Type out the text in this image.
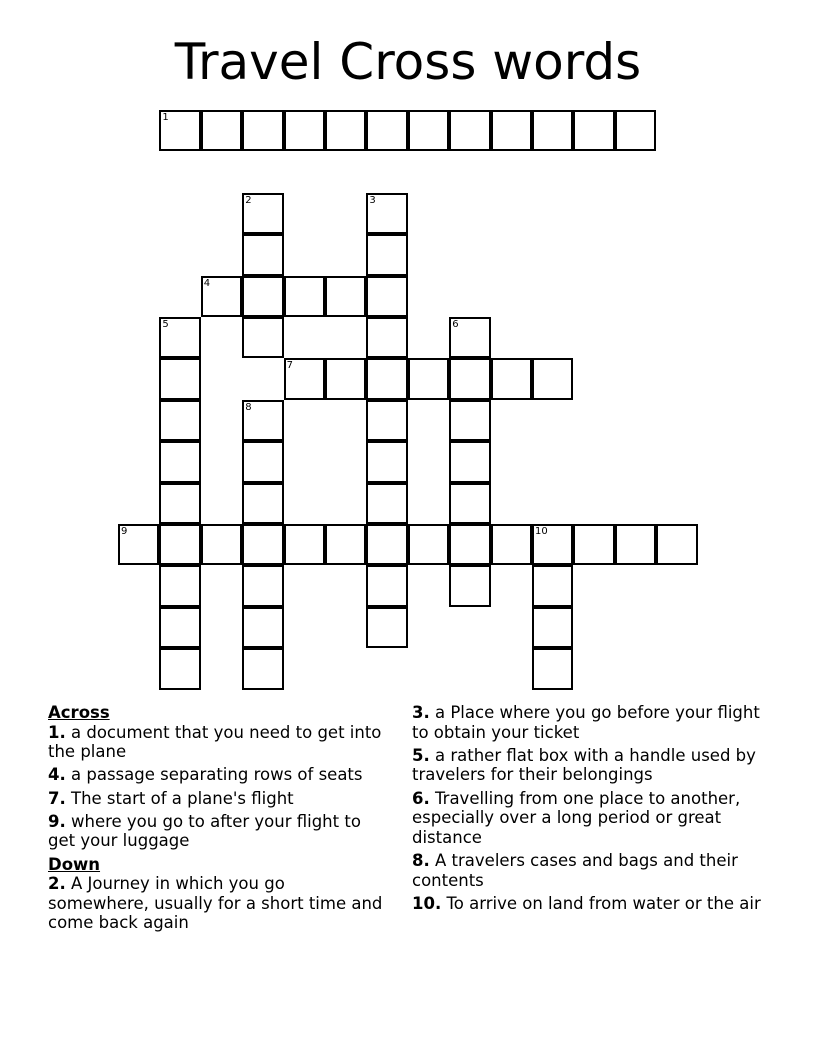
Travel Cross words
1
2	3
4
5	6
7
8
9	10

Across

1. a document that you need to get into the plane

4. a passage separating rows of seats

7. The start of a plane's flight

9. where you go to after your flight to get your luggage

Down

2. A Journey in which you go somewhere, usually for a short time and come back again

3. a Place where you go before your flight to obtain your ticket

5. a rather flat box with a handle used by travelers for their belongings

6. Travelling from one place to another, especially over a long period or great distance

8. A travelers cases and bags and their contents

10. To arrive on land from water or the air
